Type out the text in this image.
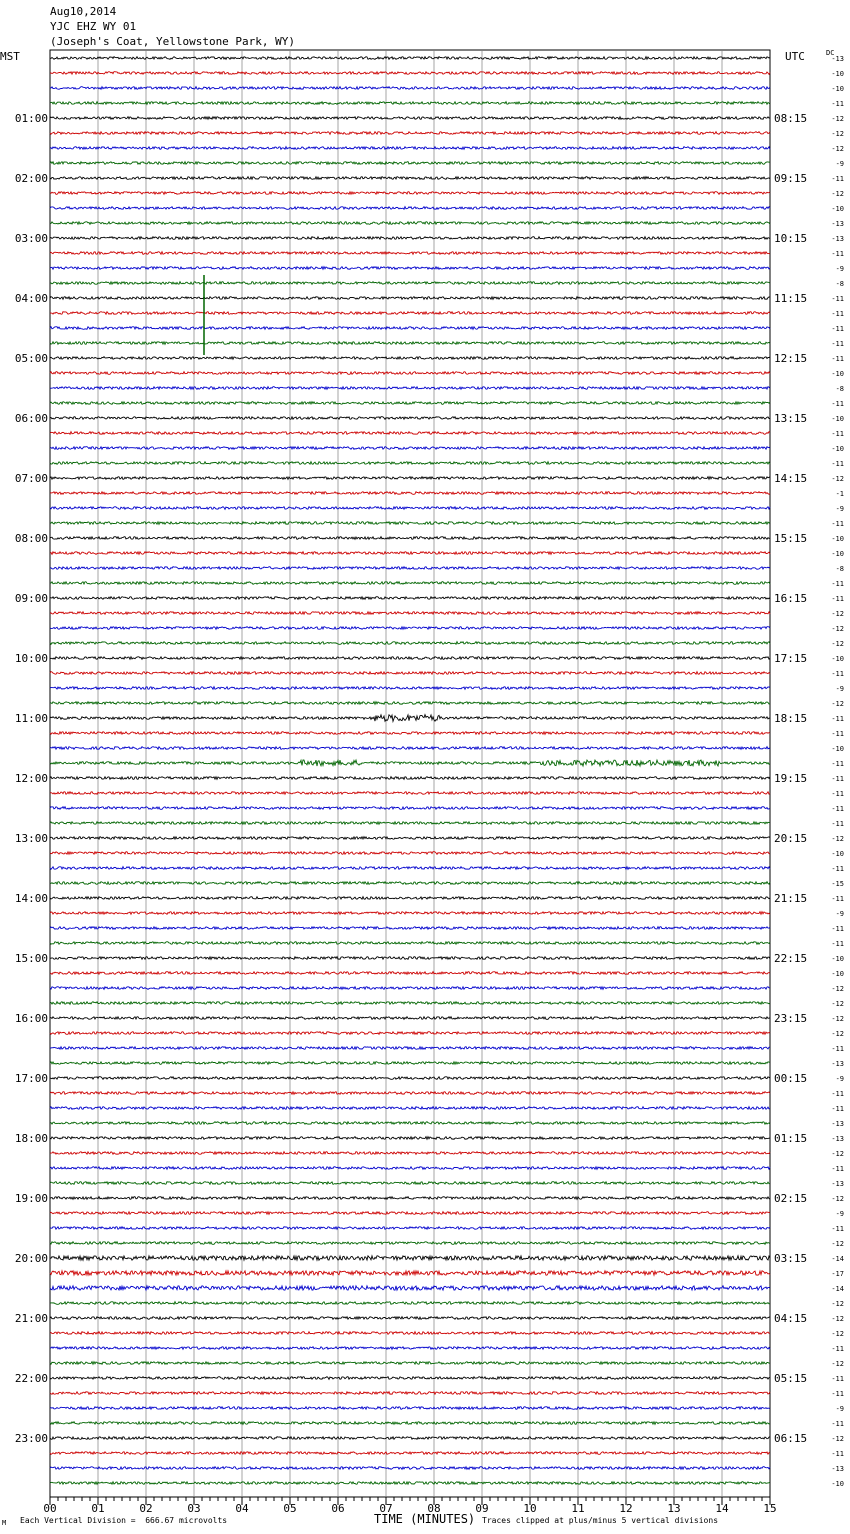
Aug10,2014
YJC EHZ WY 01
(Joseph's Coat, Yellowstone Park, WY)
MST	UTC	DC
01:00
02:00
03:00
04:00
05:00
06:00
07:00
08:00
09:00
10:00
11:00
12:00
13:00
14:00
15:00
16:00
17:00
18:00
19:00
20:00
21:00
22:00
23:00
08:15
09:15
10:15
11:15
12:15
13:15
14:15
15:15
16:15
17:15
18:15
19:15
20:15
21:15
22:15
23:15
00:15
01:15
02:15
03:15
04:15
05:15
06:15
-13
-10
-10
-11
-12
-12
-12
-9
-11
-12
-10
-13
-13
-11
-9
-8
-11
-11
-11
-11
-11
-10
-8
-11
-10
-11
-10
-11
-12
-1
-9
-11
-10
-10
-8
-11
-11
-12
-12
-12
-10
-11
-9
-12
-11
-11
-10
-11
-11
-11
-11
-11
-12
-10
-11
-15
-11
-9
-11
-11
-10
-10
-12
-12
-12
-12
-11
-13
-9
-11
-11
-13
-13
-12
-11
-13
-12
-9
-11
-12
-14
-17
-14
-12
-12
-12
-11
-12
-11
-11
-9
-11
-12
-11
-13
-10
00	01	02	03	04	05	06	07	08	09	10	11	12	13	14	15
Each Vertical Division =  666.67 microvolts	TIME (MINUTES) Traces clipped at plus/minus 5 vertical divisions
M
